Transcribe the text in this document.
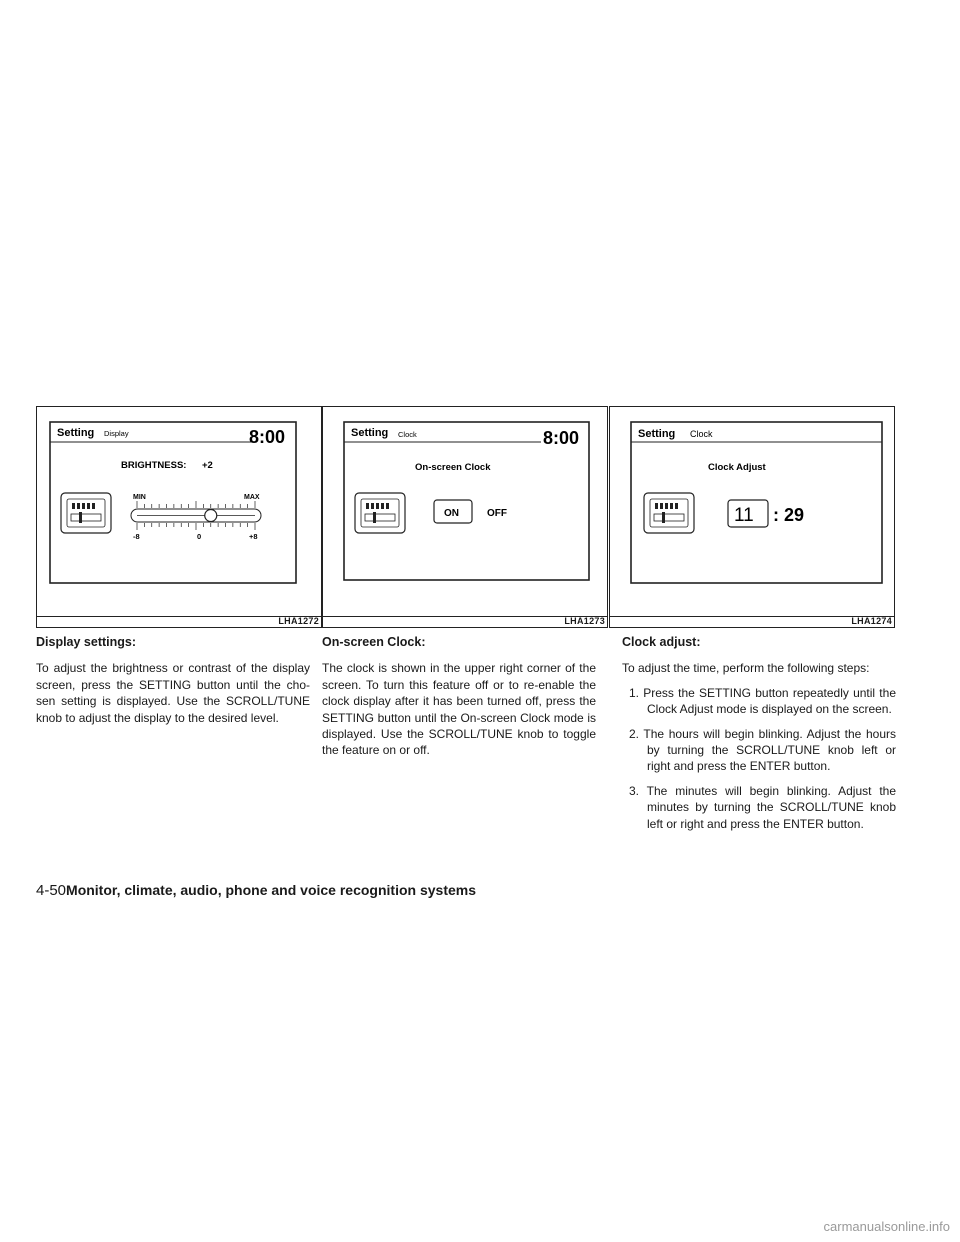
Setting Display	8:00
BRIGHTNESS: +2
MIN	MAX
-8	0	+8
LHA1272
Setting Clock	8:00
On-screen Clock
ON	OFF
LHA1273
Setting Clock
Clock Adjust
11 : 29
LHA1274

Display settings:

To adjust the brightness or contrast of the display screen, press the SETTING button until the cho-sen setting is displayed. Use the SCROLL/TUNE knob to adjust the display to the desired level.

On-screen Clock:

The clock is shown in the upper right corner of the screen. To turn this feature off or to re-enable the clock display after it has been turned off, press the SETTING button until the On-screen Clock mode is displayed. Use the SCROLL/TUNE knob to toggle the feature on or off.

Clock adjust:

To adjust the time, perform the following steps:

1. Press the SETTING button repeatedly until the Clock Adjust mode is displayed on the screen.
2. The hours will begin blinking. Adjust the hours by turning the SCROLL/TUNE knob left or right and press the ENTER button.
3. The minutes will begin blinking. Adjust the minutes by turning the SCROLL/TUNE knob left or right and press the ENTER button.
4-50Monitor, climate, audio, phone and voice recognition systems
carmanualsonline.info
